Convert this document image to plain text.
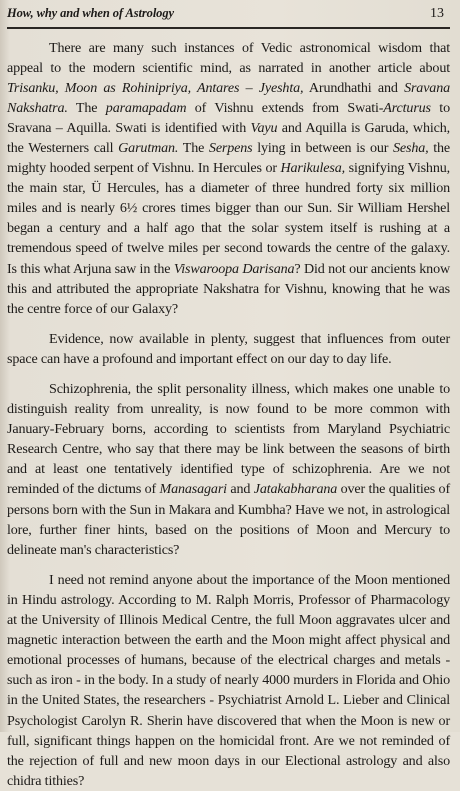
How, why and when of Astrology	13

There are many such instances of Vedic astronomical wisdom that appeal to the modern scientific mind, as narrated in another article about Trisanku, Moon as Rohinipriya, Antares – Jyeshta, Arundhathi and Sravana Nakshatra. The paramapadam of Vishnu extends from Swati-Arcturus to Sravana – Aquilla. Swati is identified with Vayu and Aquilla is Garuda, which, the Westerners call Garutman. The Serpens lying in between is our Sesha, the mighty hooded serpent of Vishnu. In Hercules or Harikulesa, signifying Vishnu, the main star, Ü Hercules, has a diameter of three hundred forty six million miles and is nearly 6½ crores times bigger than our Sun. Sir William Hershel began a century and a half ago that the solar system itself is rushing at a tremendous speed of twelve miles per second towards the centre of the galaxy. Is this what Arjuna saw in the Viswaroopa Darisana? Did not our ancients know this and attributed the appropriate Nakshatra for Vishnu, knowing that he was the centre force of our Galaxy?

Evidence, now available in plenty, suggest that influences from outer space can have a profound and important effect on our day to day life.

Schizophrenia, the split personality illness, which makes one unable to distinguish reality from unreality, is now found to be more common with January-February borns, according to scientists from Maryland Psychiatric Research Centre, who say that there may be link between the seasons of birth and at least one tentatively identified type of schizophrenia. Are we not reminded of the dictums of Manasagari and Jatakabharana over the qualities of persons born with the Sun in Makara and Kumbha? Have we not, in astrological lore, further finer hints, based on the positions of Moon and Mercury to delineate man's characteristics?

I need not remind anyone about the importance of the Moon mentioned in Hindu astrology. According to M. Ralph Morris, Professor of Pharmacology at the University of Illinois Medical Centre, the full Moon aggravates ulcer and magnetic interaction between the earth and the Moon might affect physical and emotional processes of humans, because of the electrical charges and metals - such as iron - in the body. In a study of nearly 4000 murders in Florida and Ohio in the United States, the researchers - Psychiatrist Arnold L. Lieber and Clinical Psychologist Carolyn R. Sherin have discovered that when the Moon is new or full, significant things happen on the homicidal front. Are we not reminded of the rejection of full and new moon days in our Electional astrology and also chidra tithies?
